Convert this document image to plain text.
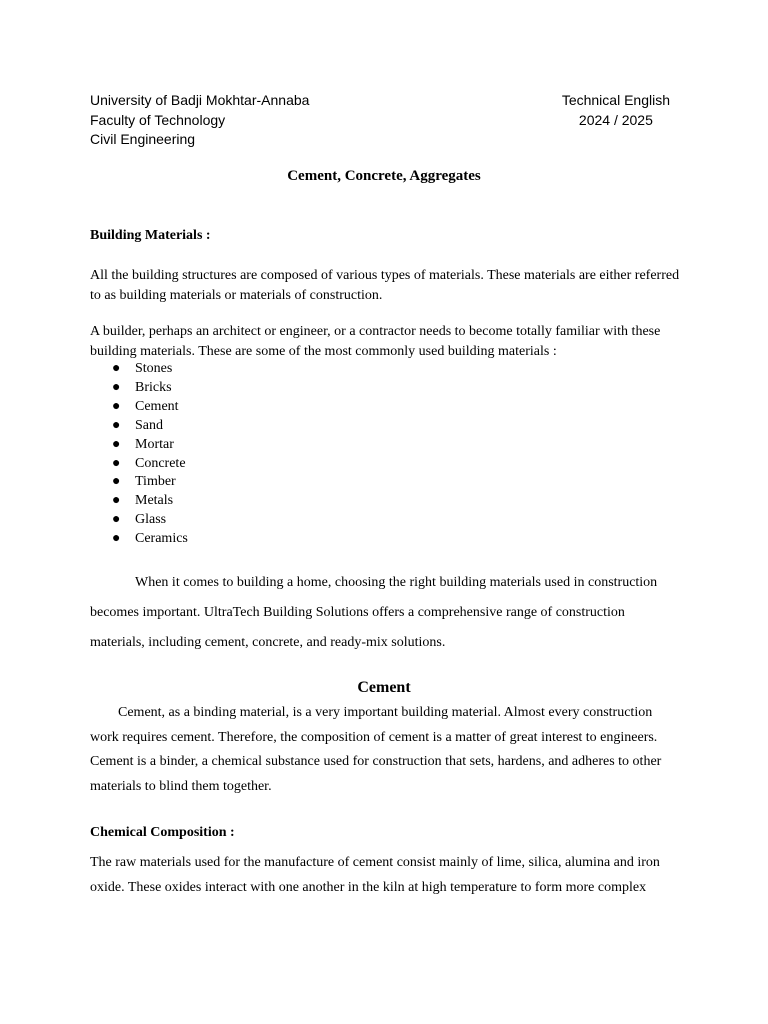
University of Badji Mokhtar-Annaba
Faculty of Technology
Civil Engineering
Technical English
2024 / 2025
Cement, Concrete, Aggregates
Building Materials :
All the building structures are composed of various types of materials. These materials are either referred to as building materials or materials of construction.
A builder, perhaps an architect or engineer, or a contractor needs to become totally familiar with these building materials. These are some of the most commonly used building materials :
● Stones
● Bricks
● Cement
● Sand
● Mortar
● Concrete
● Timber
● Metals
● Glass
● Ceramics
When it comes to building a home, choosing the right building materials used in construction becomes important. UltraTech Building Solutions offers a comprehensive range of construction materials, including cement, concrete, and ready-mix solutions.
Cement
Cement, as a binding material, is a very important building material. Almost every construction work requires cement. Therefore, the composition of cement is a matter of great interest to engineers. Cement is a binder, a chemical substance used for construction that sets, hardens, and adheres to other materials to blind them together.
Chemical Composition :
The raw materials used for the manufacture of cement consist mainly of lime, silica, alumina and iron oxide. These oxides interact with one another in the kiln at high temperature to form more complex
